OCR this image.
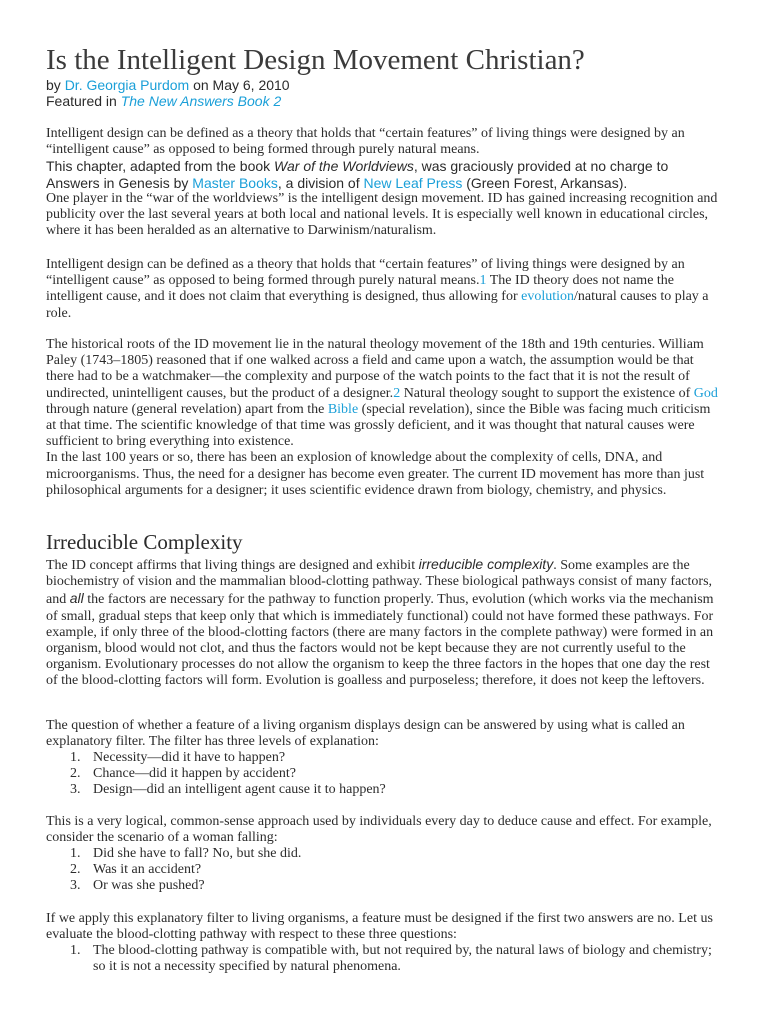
Is the Intelligent Design Movement Christian?
by Dr. Georgia Purdom on May 6, 2010
Featured in The New Answers Book 2

Intelligent design can be defined as a theory that holds that “certain features” of living things were designed by an “intelligent cause” as opposed to being formed through purely natural means.

This chapter, adapted from the book War of the Worldviews, was graciously provided at no charge to Answers in Genesis by Master Books, a division of New Leaf Press (Green Forest, Arkansas).

One player in the “war of the worldviews” is the intelligent design movement. ID has gained increasing recognition and publicity over the last several years at both local and national levels. It is especially well known in educational circles, where it has been heralded as an alternative to Darwinism/naturalism.

Intelligent design can be defined as a theory that holds that “certain features” of living things were designed by an “intelligent cause” as opposed to being formed through purely natural means.1 The ID theory does not name the intelligent cause, and it does not claim that everything is designed, thus allowing for evolution/natural causes to play a role.

The historical roots of the ID movement lie in the natural theology movement of the 18th and 19th centuries. William Paley (1743–1805) reasoned that if one walked across a field and came upon a watch, the assumption would be that there had to be a watchmaker—the complexity and purpose of the watch points to the fact that it is not the result of undirected, unintelligent causes, but the product of a designer.2 Natural theology sought to support the existence of God through nature (general revelation) apart from the Bible (special revelation), since the Bible was facing much criticism at that time. The scientific knowledge of that time was grossly deficient, and it was thought that natural causes were sufficient to bring everything into existence.

In the last 100 years or so, there has been an explosion of knowledge about the complexity of cells, DNA, and microorganisms. Thus, the need for a designer has become even greater. The current ID movement has more than just philosophical arguments for a designer; it uses scientific evidence drawn from biology, chemistry, and physics.

Irreducible Complexity

The ID concept affirms that living things are designed and exhibit irreducible complexity. Some examples are the biochemistry of vision and the mammalian blood-clotting pathway. These biological pathways consist of many factors, and all the factors are necessary for the pathway to function properly. Thus, evolution (which works via the mechanism of small, gradual steps that keep only that which is immediately functional) could not have formed these pathways. For example, if only three of the blood-clotting factors (there are many factors in the complete pathway) were formed in an organism, blood would not clot, and thus the factors would not be kept because they are not currently useful to the organism. Evolutionary processes do not allow the organism to keep the three factors in the hopes that one day the rest of the blood-clotting factors will form. Evolution is goalless and purposeless; therefore, it does not keep the leftovers.

The question of whether a feature of a living organism displays design can be answered by using what is called an explanatory filter. The filter has three levels of explanation:
1. Necessity—did it have to happen?
2. Chance—did it happen by accident?
3. Design—did an intelligent agent cause it to happen?
This is a very logical, common-sense approach used by individuals every day to deduce cause and effect. For example, consider the scenario of a woman falling:
1. Did she have to fall? No, but she did.
2. Was it an accident?
3. Or was she pushed?
If we apply this explanatory filter to living organisms, a feature must be designed if the first two answers are no. Let us evaluate the blood-clotting pathway with respect to these three questions:
1. The blood-clotting pathway is compatible with, but not required by, the natural laws of biology and chemistry; so it is not a necessity specified by natural phenomena.
